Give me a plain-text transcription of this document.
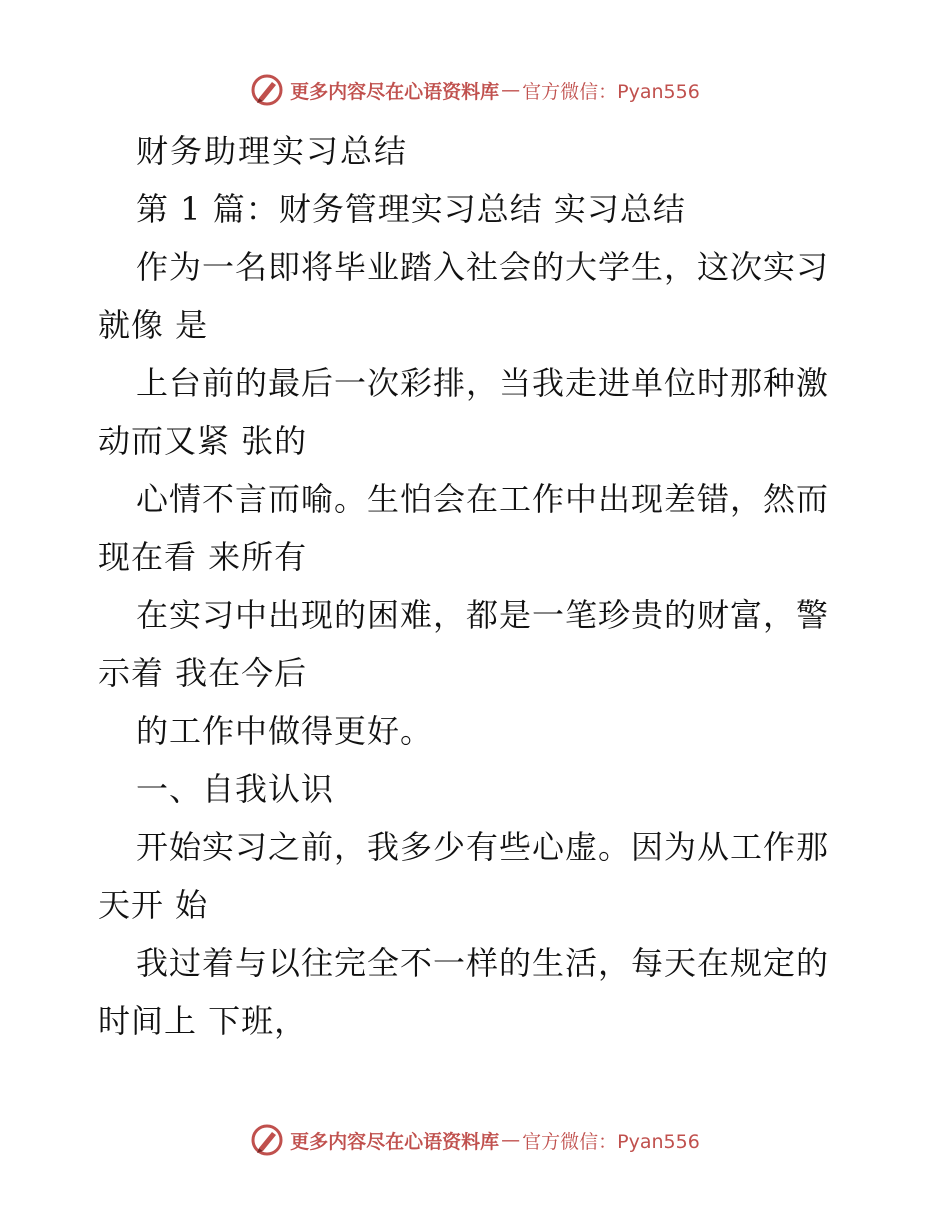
更多内容尽在心语资料库 — 官方微信：Pyan556
财务助理实习总结
第 1 篇：财务管理实习总结 实习总结
作为一名即将毕业踏入社会的大学生，这次实习
就像 是
上台前的最后一次彩排，当我走进单位时那种激
动而又紧 张的
心情不言而喻。生怕会在工作中出现差错，然而
现在看 来所有
在实习中出现的困难，都是一笔珍贵的财富，警
示着 我在今后
的工作中做得更好。
一、自我认识
开始实习之前，我多少有些心虚。因为从工作那
天开 始
我过着与以往完全不一样的生活，每天在规定的
时间上 下班，
更多内容尽在心语资料库 — 官方微信：Pyan556
